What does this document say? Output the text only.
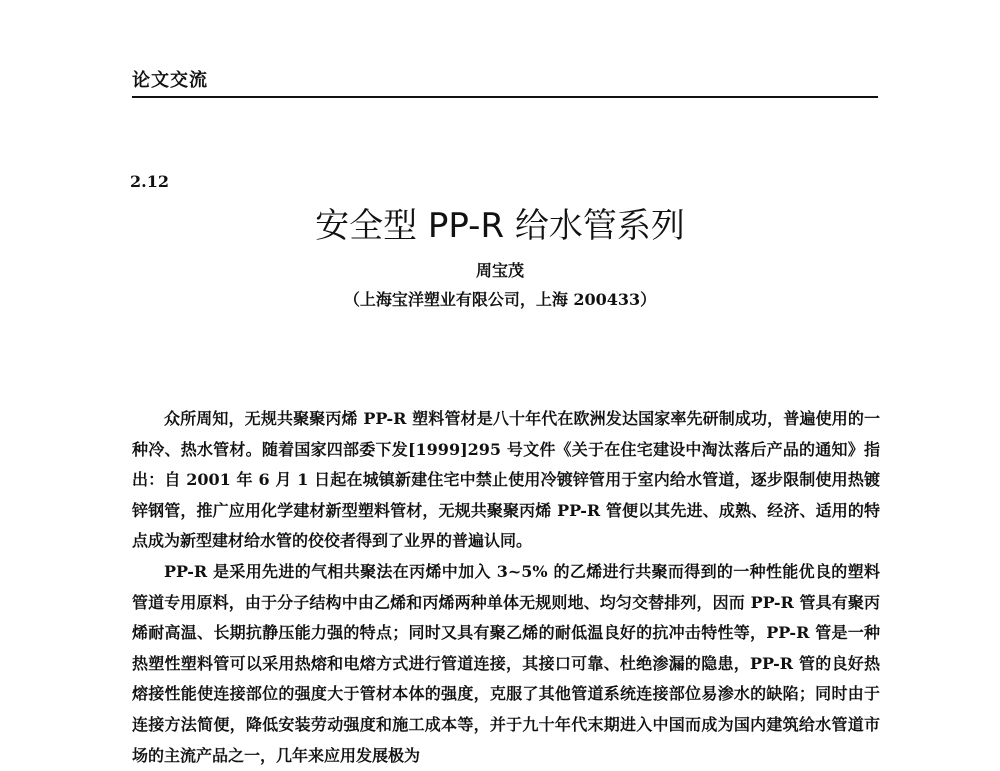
论文交流
2.12
安全型 PP-R 给水管系列
周宝茂
（上海宝洋塑业有限公司，上海 200433）

众所周知，无规共聚聚丙烯 PP-R 塑料管材是八十年代在欧洲发达国家率先研制成功，普遍使用的一种冷、热水管材。随着国家四部委下发[1999]295 号文件《关于在住宅建设中淘汰落后产品的通知》指出：自 2001 年 6 月 1 日起在城镇新建住宅中禁止使用冷镀锌管用于室内给水管道，逐步限制使用热镀锌钢管，推广应用化学建材新型塑料管材，无规共聚聚丙烯 PP-R 管便以其先进、成熟、经济、适用的特点成为新型建材给水管的佼佼者得到了业界的普遍认同。

PP-R 是采用先进的气相共聚法在丙烯中加入 3~5% 的乙烯进行共聚而得到的一种性能优良的塑料管道专用原料，由于分子结构中由乙烯和丙烯两种单体无规则地、均匀交替排列，因而 PP-R 管具有聚丙烯耐高温、长期抗静压能力强的特点；同时又具有聚乙烯的耐低温良好的抗冲击特性等，PP-R 管是一种热塑性塑料管可以采用热熔和电熔方式进行管道连接，其接口可靠、杜绝渗漏的隐患，PP-R 管的良好热熔接性能使连接部位的强度大于管材本体的强度，克服了其他管道系统连接部位易渗水的缺陷；同时由于连接方法简便，降低安装劳动强度和施工成本等，并于九十年代末期进入中国而成为国内建筑给水管道市场的主流产品之一，几年来应用发展极为
